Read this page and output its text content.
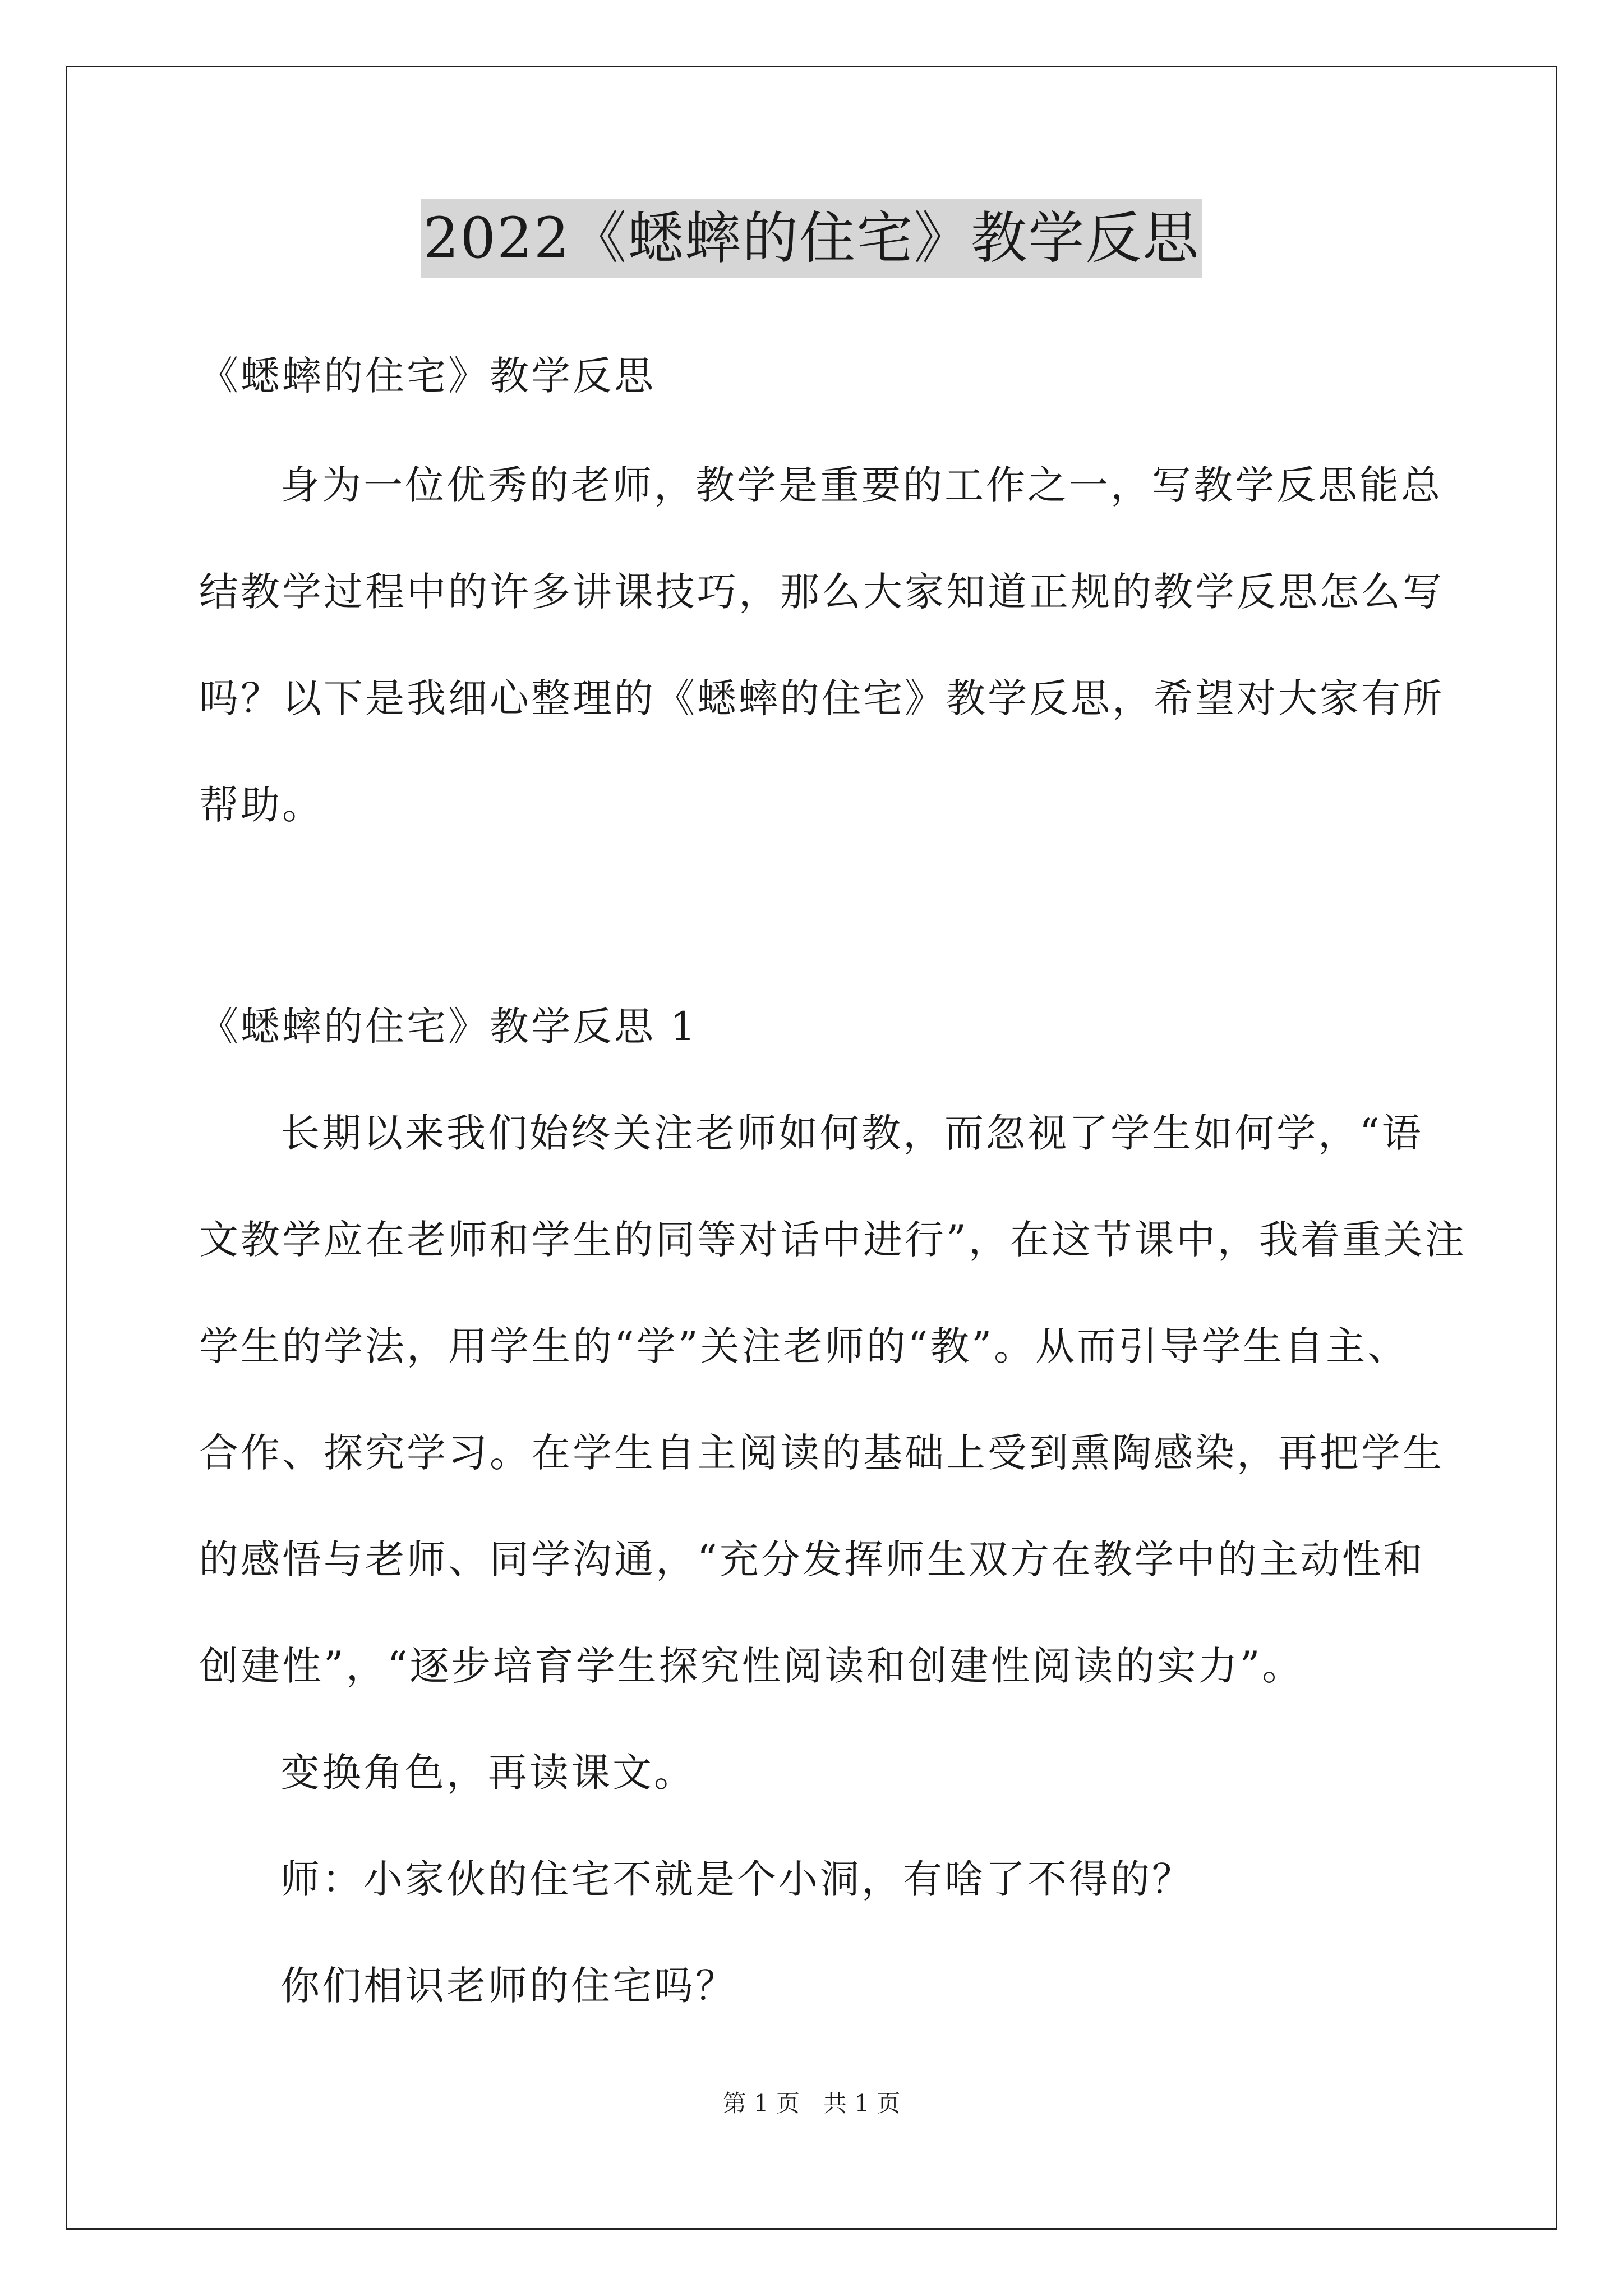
2022《蟋蟀的住宅》教学反思
《蟋蟀的住宅》教学反思
身为一位优秀的老师，教学是重要的工作之一，写教学反思能总
结教学过程中的许多讲课技巧，那么大家知道正规的教学反思怎么写
吗？以下是我细心整理的《蟋蟀的住宅》教学反思，希望对大家有所
帮助。
《蟋蟀的住宅》教学反思 1
长期以来我们始终关注老师如何教，而忽视了学生如何学，“语
文教学应在老师和学生的同等对话中进行”，在这节课中，我着重关注
学生的学法，用学生的“学”关注老师的“教”。从而引导学生自主、
合作、探究学习。在学生自主阅读的基础上受到熏陶感染，再把学生
的感悟与老师、同学沟通，“充分发挥师生双方在教学中的主动性和
创建性”，“逐步培育学生探究性阅读和创建性阅读的实力”。
变换角色，再读课文。
师：小家伙的住宅不就是个小洞，有啥了不得的？
你们相识老师的住宅吗？
第 1 页　共 1 页
